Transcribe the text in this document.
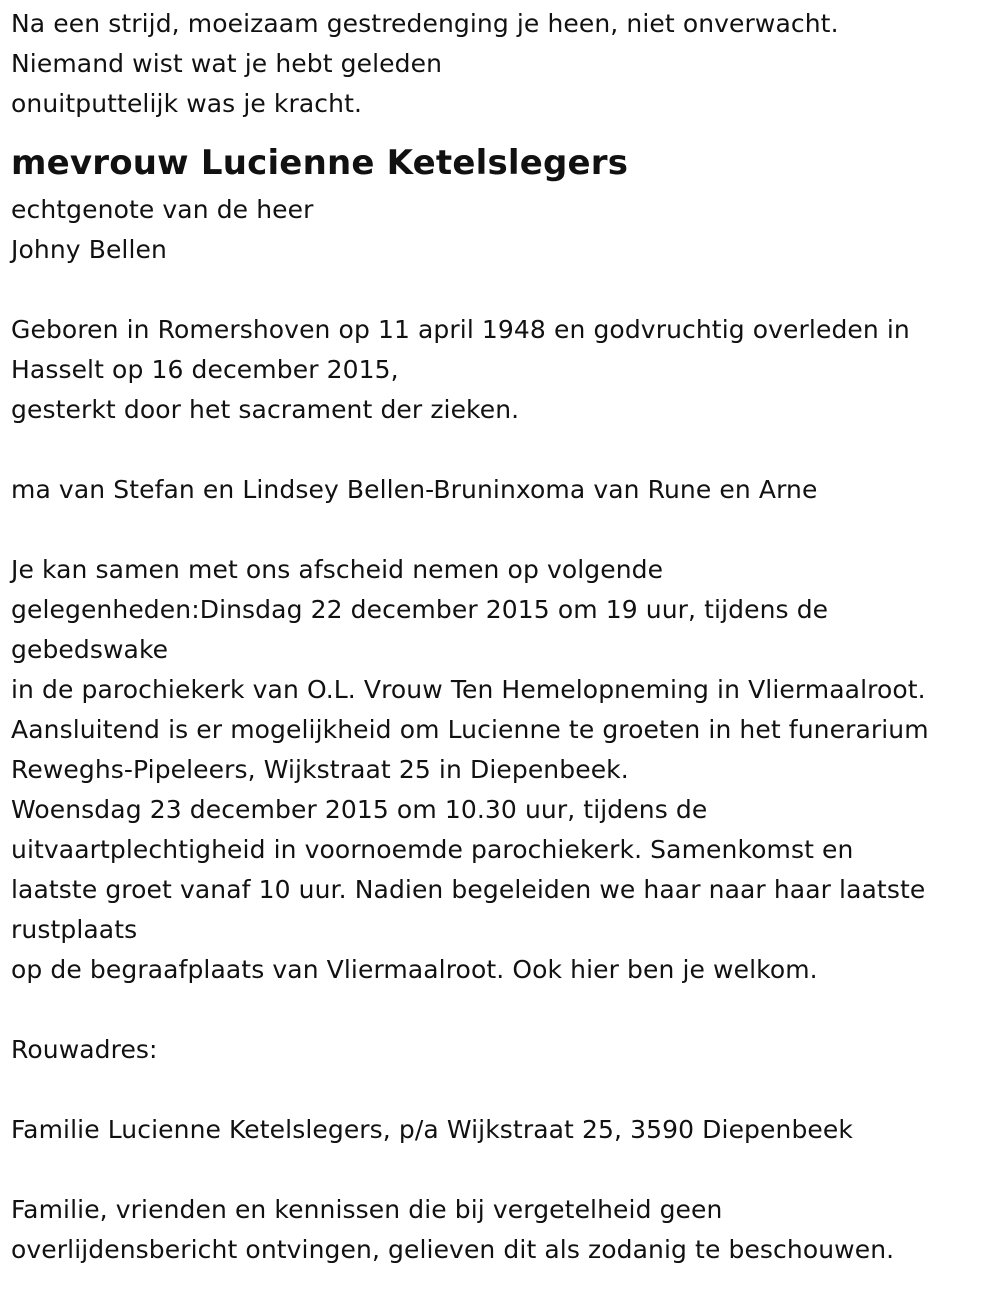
Na een strijd, moeizaam gestredenging je heen, niet onverwacht.
Niemand wist wat je hebt geleden
onuitputtelijk was je kracht.
mevrouw Lucienne Ketelslegers
echtgenote van de heer
Johny Bellen
Geboren in Romershoven op 11 april 1948 en godvruchtig overleden in
Hasselt op 16 december 2015,
gesterkt door het sacrament der zieken.
ma van Stefan en Lindsey Bellen-Bruninxoma van Rune en Arne
Je kan samen met ons afscheid nemen op volgende
gelegenheden:Dinsdag 22 december 2015 om 19 uur, tijdens de
gebedswake
in de parochiekerk van O.L. Vrouw Ten Hemelopneming in Vliermaalroot.
Aansluitend is er mogelijkheid om Lucienne te groeten in het funerarium
Reweghs-Pipeleers, Wijkstraat 25 in Diepenbeek.
Woensdag 23 december 2015 om 10.30 uur, tijdens de
uitvaartplechtigheid in voornoemde parochiekerk. Samenkomst en
laatste groet vanaf 10 uur. Nadien begeleiden we haar naar haar laatste
rustplaats
op de begraafplaats van Vliermaalroot. Ook hier ben je welkom.
Rouwadres:
Familie Lucienne Ketelslegers, p/a Wijkstraat 25, 3590 Diepenbeek
Familie, vrienden en kennissen die bij vergetelheid geen
overlijdensbericht ontvingen, gelieven dit als zodanig te beschouwen.
